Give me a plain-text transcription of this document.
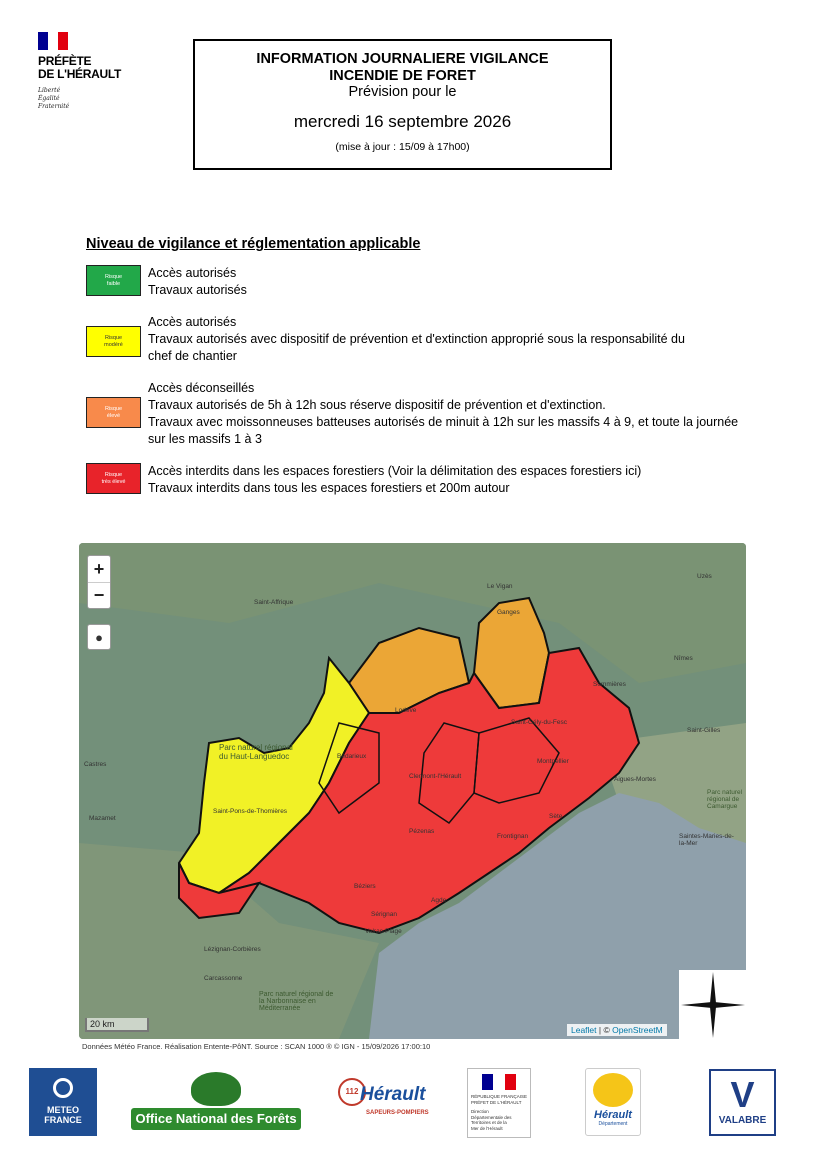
PRÉFÈTE
DE L'HÉRAULT
Liberté
Égalité
Fraternité
INFORMATION JOURNALIERE VIGILANCE
INCENDIE DE FORET
Prévision pour le
mercredi 16 septembre 2026
(mise à jour : 15/09 à 17h00)
Niveau de vigilance et réglementation applicable
Risque
faible
Accès autorisés
Travaux autorisés
Risque
modéré
Accès autorisés
Travaux autorisés avec dispositif de prévention et d'extinction approprié sous la responsabilité du
chef de chantier
Risque
élevé
Accès déconseillés
Travaux autorisés de 5h à 12h sous réserve dispositif de prévention et d'extinction.
Travaux avec moissonneuses batteuses autorisés de minuit à 12h sur les massifs 4 à 9, et toute la journée
sur les massifs 1 à 3
Risque
très élevé
Accès interdits dans les espaces forestiers (Voir la délimitation des espaces forestiers ici)
Travaux interdits dans tous les espaces forestiers et 200m autour
Le Vigan
Uzès
Saint-Affrique
Ganges
Nîmes
Sommières
Lodève
Saint-Gély-du-Fesc
Saint-Gilles
Castres
Bédarieux
Clermont-l'Hérault
Montpellier
Aigues-Mortes
Mazamet
Saint-Pons-de-Thomières
Pézenas
Sète
Frontignan
Béziers
Agde
Sérignan
Valras-Plage
Lézignan-Corbières
Carcassonne
Parc naturel régional du Haut-Languedoc
Parc naturel régional de la Narbonnaise en Méditerranée
Parc naturel régional de Camargue
Saintes-Maries-de-la-Mer
+
−
●
20 km
Leaflet | © OpenStreetM
Données Météo France. Réalisation Entente-PôNT. Source : SCAN 1000 ® © IGN - 15/09/2026 17:00:10
METEO
FRANCE	Office National des Forêts
112 Hérault
SAPEURS-POMPIERS
RÉPUBLIQUE FRANÇAISE
PRÉFET DE L'HÉRAULT
Direction
Départementale des
Territoires et de la
Mer de l'Hérault
Hérault
Département
V
VALABRE
